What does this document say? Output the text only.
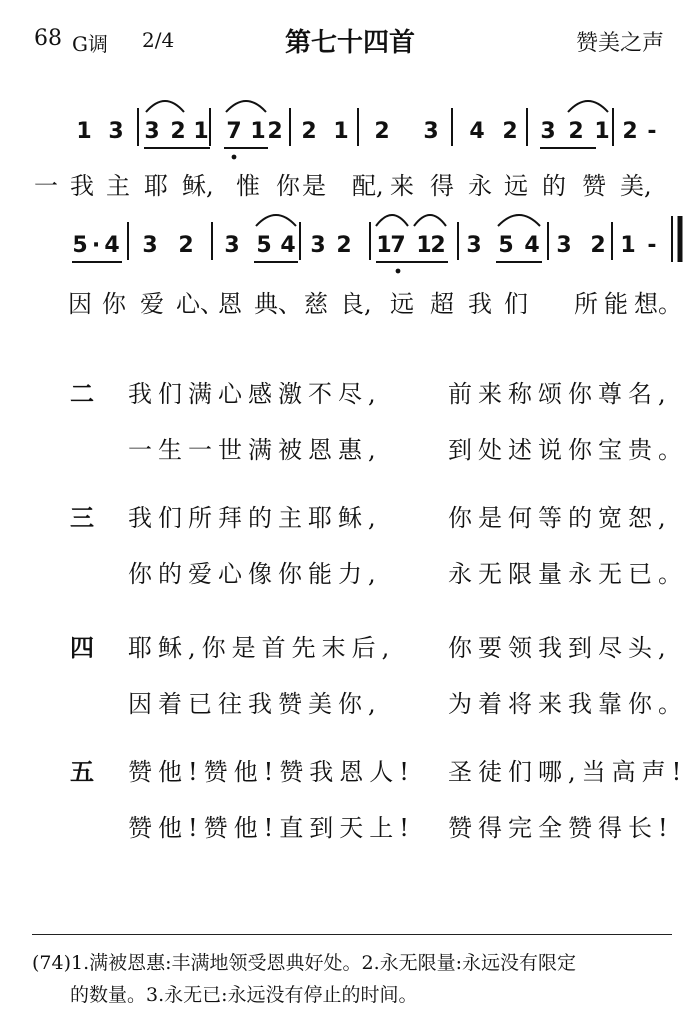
68 G调 2/4	第七十四首	赞美之声
1 3 3 2 1 7 1 2 2 1 2 3 4 2 3 2 1 2 -
5 4 3 2 3 5 4 3 2 1
7 1
2 3 5 4 3 2 1 -
·
一 我 主 耶 稣, 惟 你 是 配, 来 得 永 远 的 赞 美,
因 你 爱 心、
恩 典、 慈 良, 远 超 我 们 所 能 想。
二 我们满心感激不尽,	前来称颂你尊名,
一生一世满被恩惠,	到处述说你宝贵。
三 我们所拜的主耶稣,	你是何等的宽恕,
你的爱心像你能力,	永无限量永无已。
四 耶稣,你是首先末后, 你要领我到尽头,
因着已往我赞美你,	为着将来我靠你。
五 赞他!赞他!赞我恩人! 圣徒们哪,当高声!
赞他!赞他!直到天上! 赞得完全赞得长!
(74)1.满被恩惠:丰满地领受恩典好处。2.永无限量:永远没有限定
的数量。3.永无已:永远没有停止的时间。
